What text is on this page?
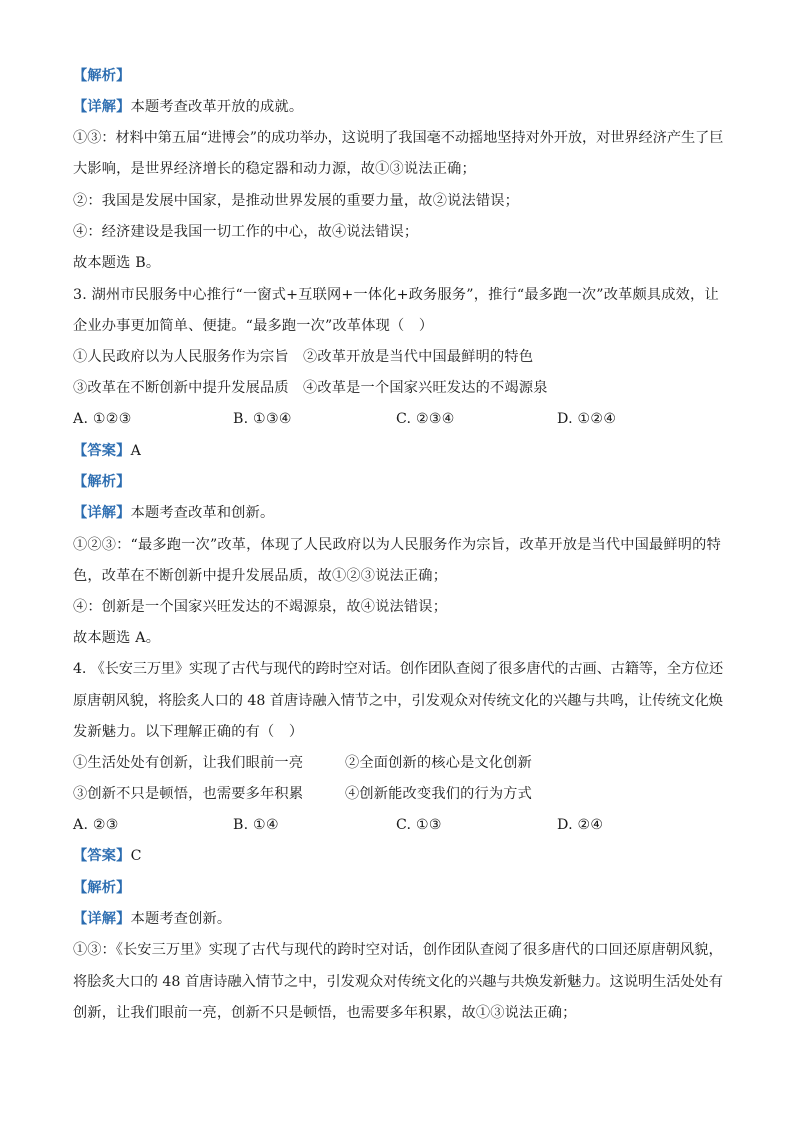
【解析】
【详解】本题考查改革开放的成就。
①③：材料中第五届“进博会”的成功举办，这说明了我国毫不动摇地坚持对外开放，对世界经济产生了巨
大影响，是世界经济增长的稳定器和动力源，故①③说法正确；
②：我国是发展中国家，是推动世界发展的重要力量，故②说法错误；
④：经济建设是我国一切工作的中心，故④说法错误；
故本题选 B。
3. 湖州市民服务中心推行“一窗式+互联网+一体化+政务服务”，推行“最多跑一次”改革颇具成效，让
企业办事更加简单、便捷。“最多跑一次”改革体现（　）
①人民政府以为人民服务作为宗旨 ②改革开放是当代中国最鲜明的特色
③改革在不断创新中提升发展品质 ④改革是一个国家兴旺发达的不竭源泉
A. ①②③	B. ①③④	C. ②③④	D. ①②④
【答案】A
【解析】
【详解】本题考查改革和创新。
①②③：“最多跑一次”改革，体现了人民政府以为人民服务作为宗旨，改革开放是当代中国最鲜明的特
色，改革在不断创新中提升发展品质，故①②③说法正确；
④：创新是一个国家兴旺发达的不竭源泉，故④说法错误；
故本题选 A。
4. 《长安三万里》实现了古代与现代的跨时空对话。创作团队查阅了很多唐代的古画、古籍等，全方位还
原唐朝风貌，将脍炙人口的 48 首唐诗融入情节之中，引发观众对传统文化的兴趣与共鸣，让传统文化焕
发新魅力。以下理解正确的有（　）
①生活处处有创新，让我们眼前一亮	②全面创新的核心是文化创新
③创新不只是顿悟，也需要多年积累	④创新能改变我们的行为方式
A. ②③	B. ①④	C. ①③	D. ②④
【答案】C
【解析】
【详解】本题考查创新。
①③：《长安三万里》实现了古代与现代的跨时空对话，创作团队查阅了很多唐代的口回还原唐朝风貌，
将脍炙大口的 48 首唐诗融入情节之中，引发观众对传统文化的兴趣与共焕发新魅力。这说明生活处处有
创新，让我们眼前一亮，创新不只是顿悟，也需要多年积累，故①③说法正确；
